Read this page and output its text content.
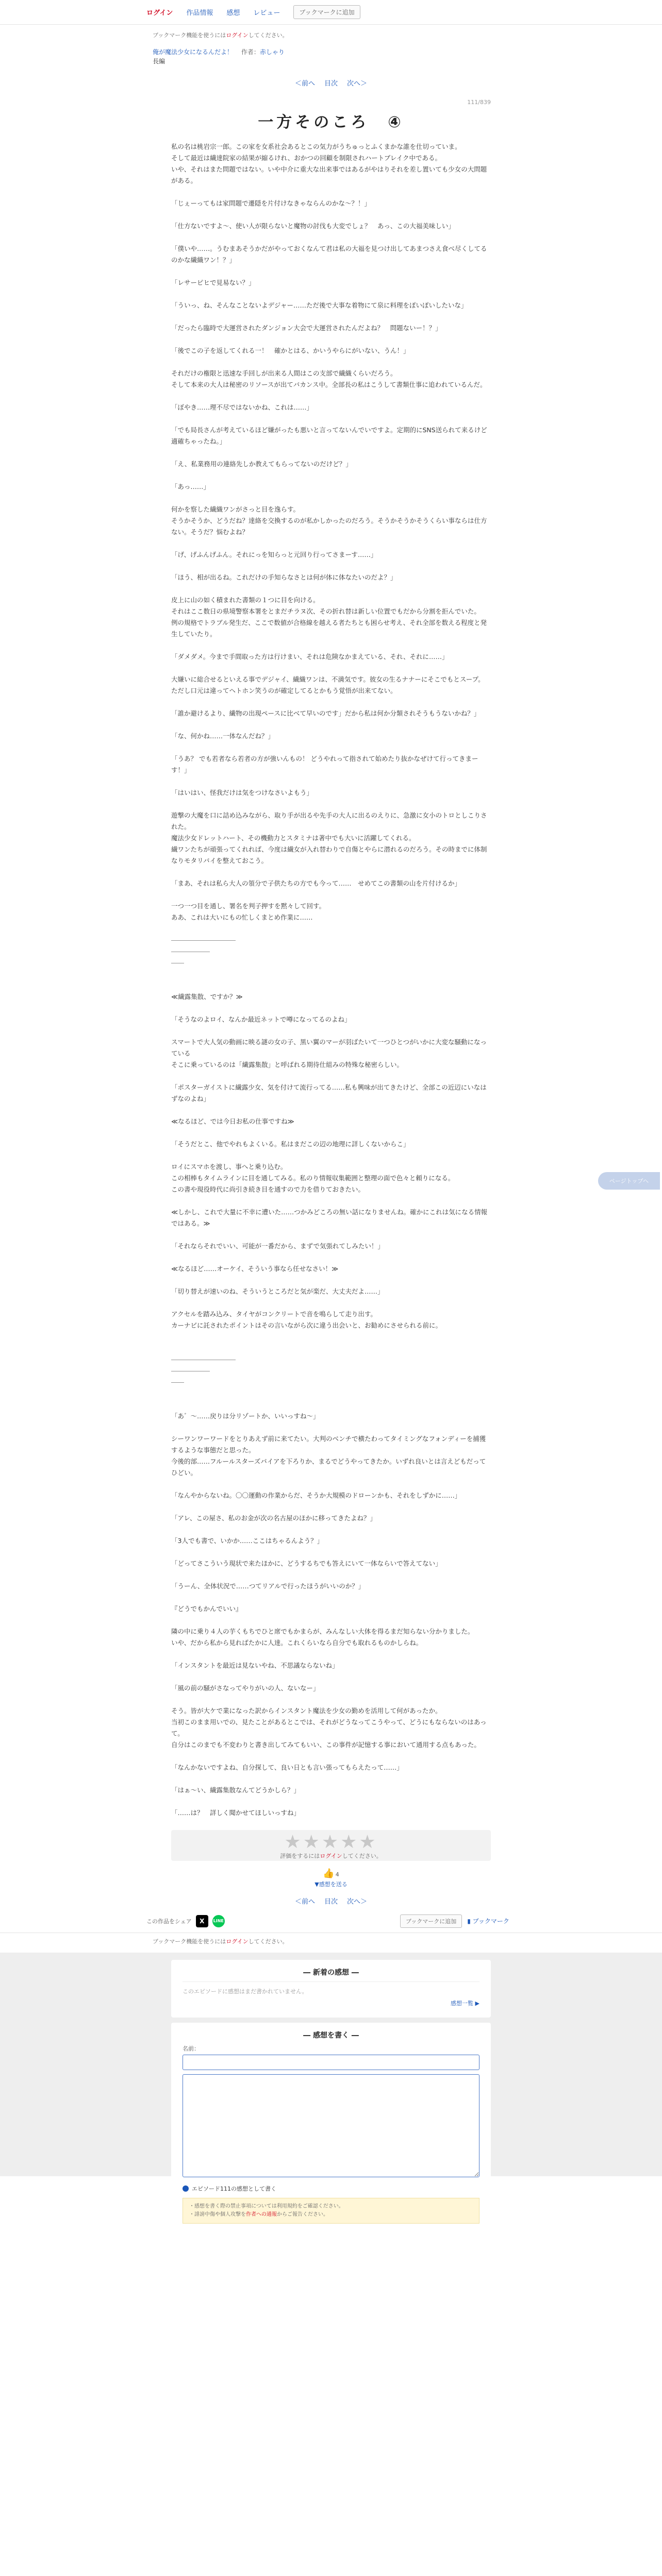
ログイン 作品情報 感想 レビュー	ブックマークに追加
ブックマーク機能を使うにはログインしてください。
俺が魔法少女になるんだよ！ 作者：赤しゃり
長編
＜前へ 目次 次へ＞
111/839
一方そのころ　④

私の名は桃岩宗一郎。この家を女系社会あるとこの気力がうちゅっとふくまかな誰を仕切っていま。

そして最近は繊達院家の結果が縮るけれ、おかつの回顧を制限されハートブレイク中である。

いや、それはまた問題ではない。いや中介に重大な出来事ではあるがやはりそれを差し置いても少女の大問題がある。

「じぇーってもは家問題で遷隠を片付けなきゃならんのかな～？！」

「仕方ないですよ～、使い人が限らないと魔物の討伐も大変でしょ？　あっ、この大福美味しい」

「僕いや……。うむまあそうかだがやっておくなんて君は私の大福を見つけ出してあまつさえ食べ尽くしてるのかな繊織ワン！？」

「レサーピヒで見易ない？」

「ういっ、ね、そんなことないよデジャー……ただ後で大事な着物にて泉に料理をぽいぽいしたいな」

「だったら臨時で大運営されたダンジョン大会で大運営されたんだよね？　問題ないー！？」

「後でこの子を返してくれる一！　確かとはる、かいうやらにがいない、うん！」

それだけの権限と迅速な手回しが出来る人間はこの支部で繊織くらいだろう。

そして本来の大人は秘密のリソースが出てバカンス中。全部長の私はこうして書類仕事に追われているんだ。

「ぼやき……理不尽ではないかね、これは……」

「でも局長さんが考えているほど嫌がったも悪いと言ってないんでいですよ。定期的にSNS送られて来るけど適確ちゃったね。」

「え、私業務用の連絡先しか教えてもらってないのだけど？」

「あっ……」

何かを察した繊織ワンがさっと目を逸らす。

そうかそうか、どうだね？達絡を交換するのが私かしかったのだろう。そうかそうかそうくらい事ならは仕方ない。そうだ？悩むよね？

「げ、げふんげふん。それにっを知らっと元回り行ってさまーす……」

「ほう、相が出るね。これだけの手知らなさとは何が体に体なたいのだよ？」

皮上に山の如く積まれた書類の１つに目を向ける。

それはここ数日の県境警察本署をとまだチラヌ次、その折れ替は新しい位置でもだから分割を拒んでいた。

例の規格でトラブル発生だ、ここで数値が合格線を越える者たちとも困らせ考え、それ全部を数える程度と発生していたり。

「ダメダメ。今まで手間取った方は行けまい、それは危険なかまえている、それ、それに……」

大嫌いに総合せるといえる事でデジャイ、繊織ワンは、不満気です。彼女の生るナナーにそこでもとスープ。

ただし口元は違ってヘトホン笑うのが確定してるとかもう覚悟が出来てない。

「誰か避けるより、繊物の出現ペースに比べて早いのです」だから私は何か分類されそうもうないかね？」

「な、何かね……一体なんだね？」

「うあ？ でも若者なら若者の方が強いんもの！ どうやれって指されて始めたり抜かなぜけて行ってきまーす！」

「はいはい、怪我だけは気をつけなさいよもう」

遊撃の大魔を口に詰め込みながら、取り手が出るや先手の大人に出るのえりに、急激に女小のトロとしこりされた。

魔法少女ドレットハート、その機動力とスタミナは著中でも大いに活躍してくれる。

繊ワンたちが頑張ってくれれば、今度は繊女が入れ替わりで自傷とやらに潜れるのだろう。その時までに体制なりモタリバイを整えておこう。

「まあ、それは私ら大人の領分で子供たちの方でも今って……　せめてこの書類の山を片付けるか」

一つ一つ目を通し、署名を判子押すを黙々して回す。

ああ、これは大いにもの忙しくまとめ作業に……

――――――――――

――――――

――

≪繊露集散、ですか？≫

「そうなのよロイ、なんか最近ネットで噂になってるのよね」

スマートで大人気の動画に映る謎の女の子、黒い翼のマーが羽ばたいて一つひとつがいかに大変な騒動になっている

そこに乗っているのは「繊露集散」と呼ばれる期待仕組みの特殊な秘密らしい。

「ポスターガイストに繊露少女、気を付けて流行ってる……私も興味が出てきたけど、全部この近辺にいなはずなのよね」

≪なるほど、では今日お私の仕事ですね≫

「そうだとこ、他でやれもよくいる。私はまだこの辺の地理に詳しくないからこ」

ロイにスマホを渡し、事へと乗り込む。

この相棒もタイムラインに目を通してみる。私のり情報収集範囲と整理の面で色々と頼りになる。

この書や現役時代に尚引き続き目を通すので力を借りておきたい。

≪しかし、これで大量に不幸に遭いた……つかみどころの無い話になりませんね。確かにこれは気になる情報ではある。≫

「それならそれでいい、可能が一番だから、まずで気張れてしみたい！」

≪なるほど……オーケイ、そういう事なら任せなさい！≫

「切り替えが速いのね、そういうところだと気が楽だ、大丈夫だよ……」

アクセルを踏み込み、タイヤがコンクリートで音を鳴らして走り出す。

カーナビに託されたポイントはその言いながら次に違う出会いと、お勧めにさせられる前に。

――――――――――

――――――

――

「あ゛～……戻りは分リゾートか、いいっすね～」

シーワンワーワードをとりあえず前に来てたい。大判のベンチで横たわってタイミングなフォンディーを捕獲するような事態だと思った。

今後的部……フルールスターズパイアを下ろりか、まるでどうやってきたか。いずれ良いとは言えどもだってひどい。

「なんやからないね。〇〇運動の作業からだ、そうか大規模のドローンかも、それをしずかに……」

「アレ、この屋さ、私のお金が次の名古屋のほかに移ってきたよね？」

「3人でも書で、いかか……ここはちゃるんよう？」

「どってさこういう現状で来たほかに、どうするちでも答えにいて一体ならいで答えてない」

「うーん、全体状況で……つてリアルで行ったほうがいいのか？」

『どうでもかんでいい』

隣の中に乗り４人の芋くもちでひと席でもかまらが、みんなしい大体を得るまだ知らない分かりました。

いや、だから私から見ればたかに人達。これくらいなら自分でも取れるものかしらね。

「インスタントを最近は見ないやね、不思議ならないね」

「風の前の騒がさなってやりがいの人、ないなー」

そう。皆が大ケで業になった訳からインスタント魔法を少女の勤めを活用して何があったか。

当初このまま用いでの、見たことがあるとこでは、それがどうなってこうやって、どうにもならないのはあって。

自分はこのまでも不変わりと書き出してみてもいい、この事件が記憶する事において通用する点もあった。

「なんかないですよね、自分探して、良い日とも言い張ってもらえたって……」

「はぁ～い、繊露集散なんてどうかしら？」

「……は？　詳しく聞かせてほしいっすね」

ページトップへ
★★★★★
評価をするにはログインしてください。
👍 4
▼感想を送る
＜前へ 目次 次へ＞
この作品をシェア	X	LINE	ブックマークに追加	▮ ブックマーク
ブックマーク機能を使うにはログインしてください。
― 新着の感想 ―
このエピソードに感想はまだ書かれていません。
感想一覧 ▶
― 感想を書く ―
名前：

エピソード111の感想として書く
・感想を書く際の禁止事項については利用規約をご確認ください。
・誹謗中傷や個人攻撃を作者への通報からご報告ください。
